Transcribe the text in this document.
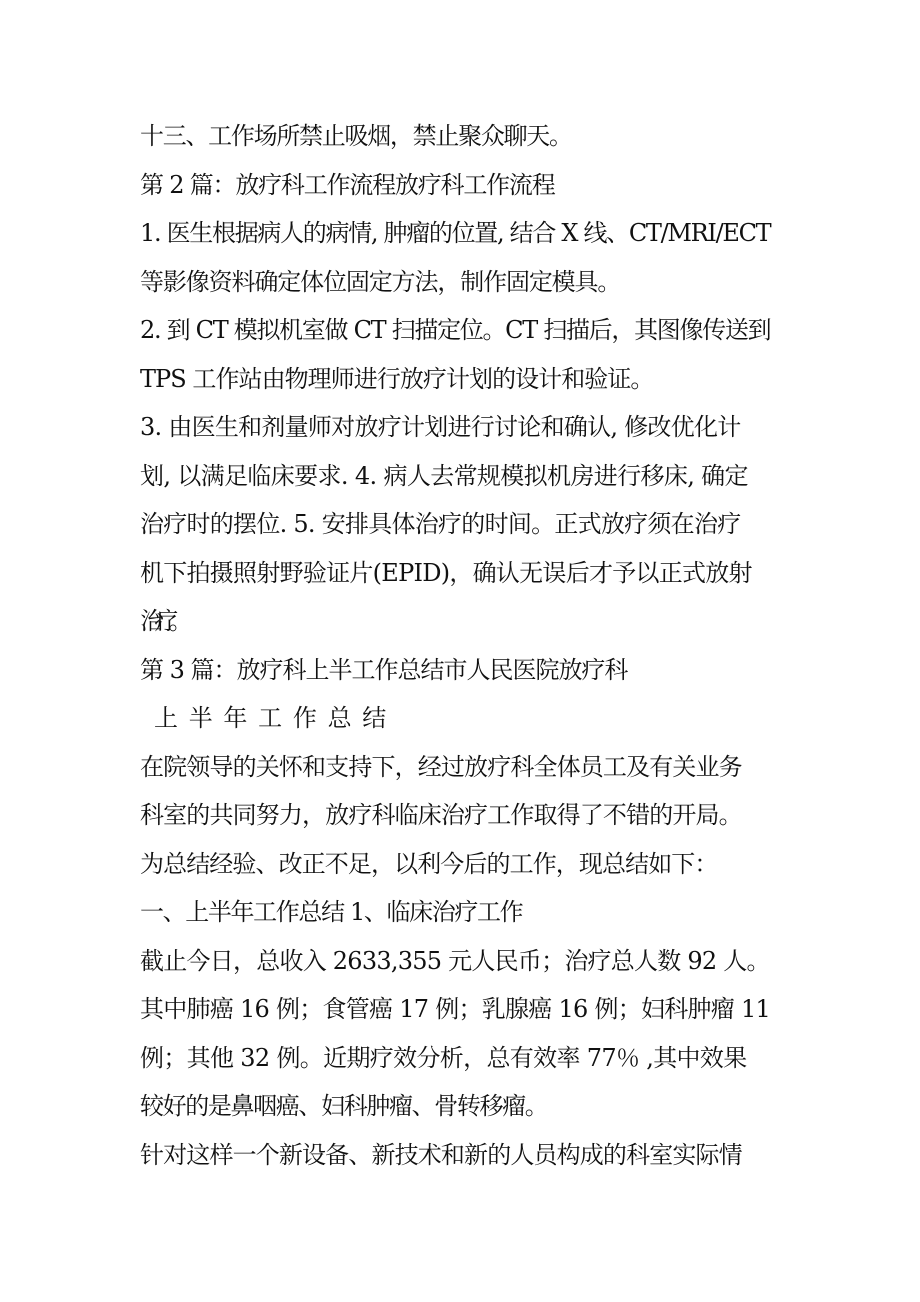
十三、工作场所禁止吸烟，禁止聚众聊天。
第 2 篇：放疗科工作流程放疗科工作流程
1. 医生根据病人的病情, 肿瘤的位置, 结合 X 线、CT/MRI/ECT
等影像资料确定体位固定方法，制作固定模具。
2. 到 CT 模拟机室做 CT 扫描定位。CT 扫描后，其图像传送到
TPS 工作站由物理师进行放疗计划的设计和验证。
3. 由医生和剂量师对放疗计划进行讨论和确认, 修改优化计
划, 以满足临床要求. 4. 病人去常规模拟机房进行移床, 确定
治疗时的摆位. 5. 安排具体治疗的时间。正式放疗须在治疗
机下拍摄照射野验证片(EPID)，确认无误后才予以正式放射
治疗。
第 3 篇：放疗科上半工作总结市人民医院放疗科
上半年工作总结
在院领导的关怀和支持下，经过放疗科全体员工及有关业务
科室的共同努力，放疗科临床治疗工作取得了不错的开局。
为总结经验、改正不足，以利今后的工作，现总结如下：
一、上半年工作总结 1、临床治疗工作
截止今日，总收入 2633,355 元人民币；治疗总人数 92 人。
其中肺癌 16 例；食管癌 17 例；乳腺癌 16 例；妇科肿瘤 11
例；其他 32 例。近期疗效分析，总有效率 77％ ,其中效果
较好的是鼻咽癌、妇科肿瘤、骨转移瘤。
针对这样一个新设备、新技术和新的人员构成的科室实际情
